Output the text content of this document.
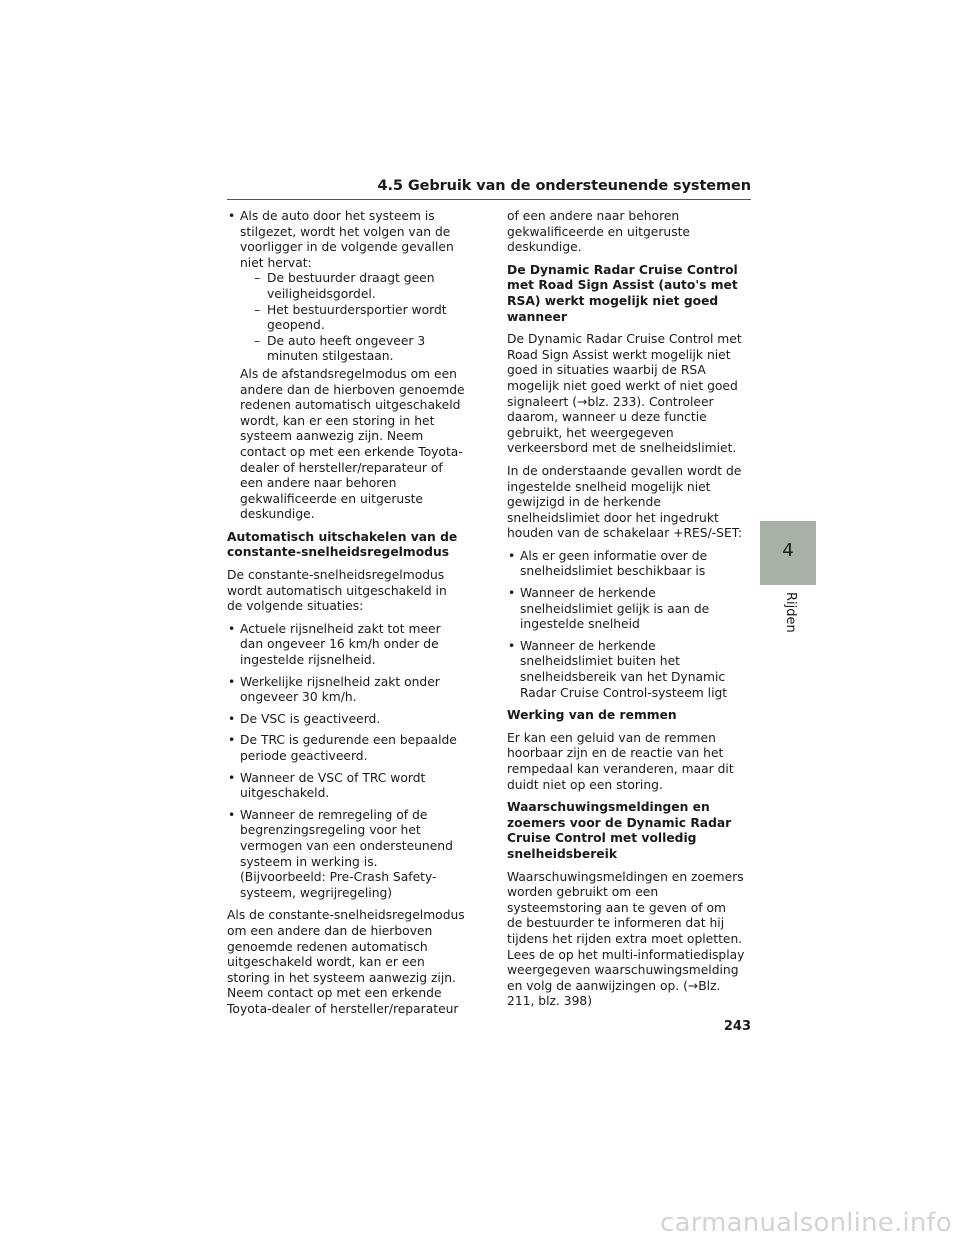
4.5 Gebruik van de ondersteunende systemen
• Als de auto door het systeem is stilgezet, wordt het volgen van de voorligger in de volgende gevallen niet hervat:
– De bestuurder draagt geen veiligheidsgordel.
– Het bestuurdersportier wordt geopend.
– De auto heeft ongeveer 3 minuten stilgestaan.

Als de afstandsregelmodus om een andere dan de hierboven genoemde redenen automatisch uitgeschakeld wordt, kan er een storing in het systeem aanwezig zijn. Neem contact op met een erkende Toyota-dealer of hersteller/reparateur of een andere naar behoren gekwalificeerde en uitgeruste deskundige.

Automatisch uitschakelen van de constante-snelheidsregelmodus

De constante-snelheidsregelmodus wordt automatisch uitgeschakeld in de volgende situaties:

• Actuele rijsnelheid zakt tot meer dan ongeveer 16 km/h onder de ingestelde rijsnelheid.
• Werkelijke rijsnelheid zakt onder ongeveer 30 km/h.
• De VSC is geactiveerd.
• De TRC is gedurende een bepaalde periode geactiveerd.
• Wanneer de VSC of TRC wordt uitgeschakeld.
• Wanneer de remregeling of de begrenzingsregeling voor het vermogen van een ondersteunend systeem in werking is. (Bijvoorbeeld: Pre-Crash Safety-systeem, wegrijregeling)

Als de constante-snelheidsregelmodus om een andere dan de hierboven genoemde redenen automatisch uitgeschakeld wordt, kan er een storing in het systeem aanwezig zijn. Neem contact op met een erkende Toyota-dealer of hersteller/reparateur

of een andere naar behoren gekwalificeerde en uitgeruste deskundige.

De Dynamic Radar Cruise Control met Road Sign Assist (auto's met RSA) werkt mogelijk niet goed wanneer

De Dynamic Radar Cruise Control met Road Sign Assist werkt mogelijk niet goed in situaties waarbij de RSA mogelijk niet goed werkt of niet goed signaleert (→blz. 233). Controleer daarom, wanneer u deze functie gebruikt, het weergegeven verkeersbord met de snelheidslimiet.

In de onderstaande gevallen wordt de ingestelde snelheid mogelijk niet gewijzigd in de herkende snelheidslimiet door het ingedrukt houden van de schakelaar +RES/-SET:

• Als er geen informatie over de snelheidslimiet beschikbaar is
• Wanneer de herkende snelheidslimiet gelijk is aan de ingestelde snelheid
• Wanneer de herkende snelheidslimiet buiten het snelheidsbereik van het Dynamic Radar Cruise Control-systeem ligt

Werking van de remmen

Er kan een geluid van de remmen hoorbaar zijn en de reactie van het rempedaal kan veranderen, maar dit duidt niet op een storing.

Waarschuwingsmeldingen en zoemers voor de Dynamic Radar Cruise Control met volledig snelheidsbereik

Waarschuwingsmeldingen en zoemers worden gebruikt om een systeemstoring aan te geven of om de bestuurder te informeren dat hij tijdens het rijden extra moet opletten. Lees de op het multi-informatiedisplay weergegeven waarschuwingsmelding en volg de aanwijzingen op. (→Blz. 211, blz. 398)

4
Rijden
243
carmanualsonline.info
